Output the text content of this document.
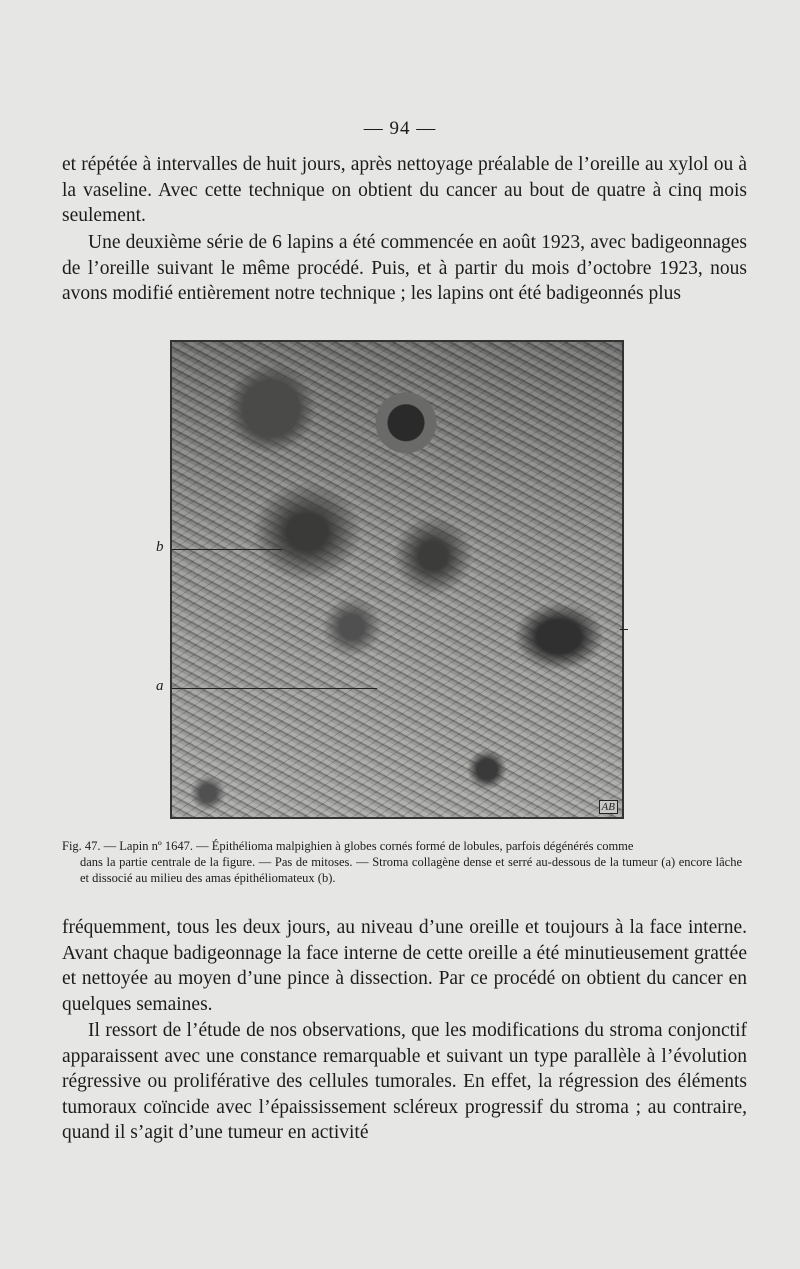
— 94 —

et répétée à intervalles de huit jours, après nettoyage préalable de l’oreille au xylol ou à la vaseline. Avec cette technique on obtient du cancer au bout de quatre à cinq mois seulement.

Une deuxième série de 6 lapins a été commencée en août 1923, avec badigeonnages de l’oreille suivant le même procédé. Puis, et à partir du mois d’octobre 1923, nous avons modifié entièrement notre technique ; les lapins ont été badigeonnés plus

AB
b
a

Fig. 47. — Lapin nº 1647. — Épithélioma malpighien à globes cornés formé de lobules, parfois dégénérés comme
dans la partie centrale de la figure. — Pas de mitoses. — Stroma collagène dense et serré au-dessous de la tumeur (a) encore lâche et dissocié au milieu des amas épithéliomateux (b).

fréquemment, tous les deux jours, au niveau d’une oreille et toujours à la face interne. Avant chaque badigeonnage la face interne de cette oreille a été minutieusement grattée et nettoyée au moyen d’une pince à dissection. Par ce procédé on obtient du cancer en quelques semaines.

Il ressort de l’étude de nos observations, que les modifications du stroma conjonctif apparaissent avec une constance remarquable et suivant un type parallèle à l’évolution régressive ou proliférative des cellules tumorales. En effet, la régression des éléments tumoraux coïncide avec l’épaississement scléreux progressif du stroma ; au contraire, quand il s’agit d’une tumeur en activité
